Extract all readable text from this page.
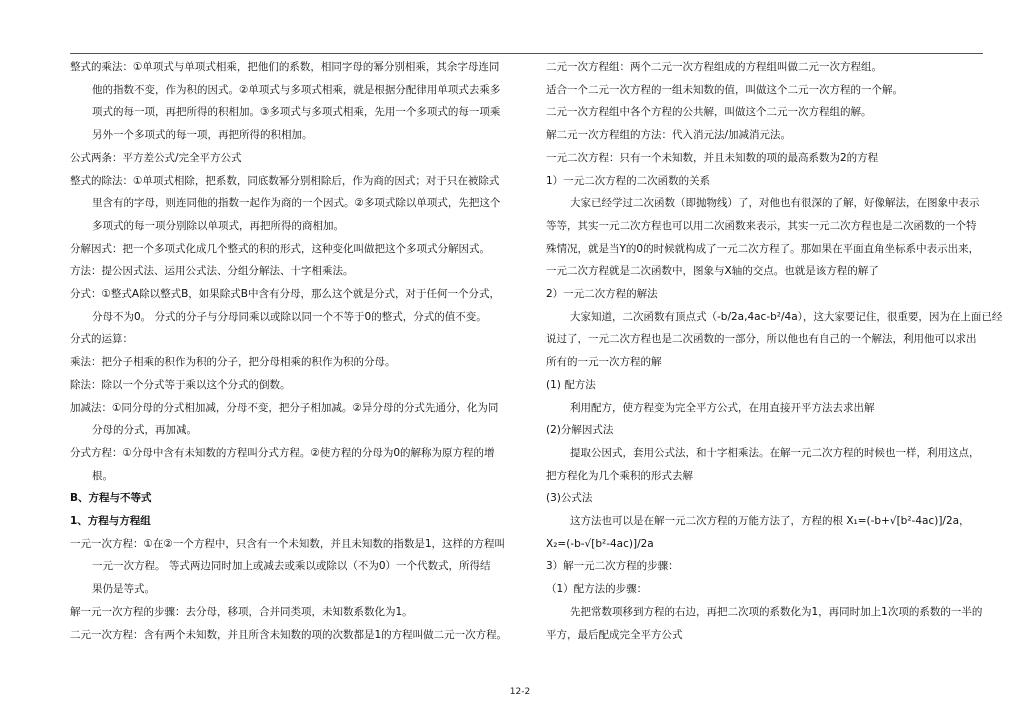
整式的乘法：①单项式与单项式相乘，把他们的系数，相同字母的幂分别相乘，其余字母连同
他的指数不变，作为积的因式。②单项式与多项式相乘，就是根据分配律用单项式去乘多
项式的每一项，再把所得的积相加。③多项式与多项式相乘，先用一个多项式的每一项乘
另外一个多项式的每一项，再把所得的积相加。
公式两条：平方差公式/完全平方公式
整式的除法：①单项式相除，把系数，同底数幂分别相除后，作为商的因式；对于只在被除式
里含有的字母，则连同他的指数一起作为商的一个因式。②多项式除以单项式，先把这个
多项式的每一项分别除以单项式，再把所得的商相加。
分解因式：把一个多项式化成几个整式的积的形式，这种变化叫做把这个多项式分解因式。
方法：提公因式法、运用公式法、分组分解法、十字相乘法。
分式：①整式A除以整式B，如果除式B中含有分母，那么这个就是分式，对于任何一个分式，
分母不为0。 分式的分子与分母同乘以或除以同一个不等于0的整式，分式的值不变。
分式的运算：
乘法：把分子相乘的积作为积的分子，把分母相乘的积作为积的分母。
除法：除以一个分式等于乘以这个分式的倒数。
加减法：①同分母的分式相加减，分母不变，把分子相加减。②异分母的分式先通分，化为同
分母的分式，再加减。
分式方程：①分母中含有未知数的方程叫分式方程。②使方程的分母为0的解称为原方程的增
根。
B、方程与不等式
1、方程与方程组
一元一次方程：①在②一个方程中，只含有一个未知数，并且未知数的指数是1，这样的方程叫
一元一次方程。 等式两边同时加上或减去或乘以或除以（不为0）一个代数式，所得结
果仍是等式。
解一元一次方程的步骤：去分母，移项，合并同类项，未知数系数化为1。
二元一次方程：含有两个未知数，并且所含未知数的项的次数都是1的方程叫做二元一次方程。
二元一次方程组：两个二元一次方程组成的方程组叫做二元一次方程组。
适合一个二元一次方程的一组未知数的值，叫做这个二元一次方程的一个解。
二元一次方程组中各个方程的公共解，叫做这个二元一次方程组的解。
解二元一次方程组的方法：代入消元法/加减消元法。
一元二次方程：只有一个未知数，并且未知数的项的最高系数为2的方程
1）一元二次方程的二次函数的关系
大家已经学过二次函数（即抛物线）了，对他也有很深的了解，好像解法，在图象中表示
等等，其实一元二次方程也可以用二次函数来表示，其实一元二次方程也是二次函数的一个特
殊情况，就是当Y的0的时候就构成了一元二次方程了。那如果在平面直角坐标系中表示出来，
一元二次方程就是二次函数中，图象与X轴的交点。也就是该方程的解了
2）一元二次方程的解法
大家知道，二次函数有顶点式（-b/2a,4ac-b²/4a），这大家要记住，很重要，因为在上面已经
说过了，一元二次方程也是二次函数的一部分，所以他也有自己的一个解法，利用他可以求出
所有的一元一次方程的解
(1) 配方法
利用配方，使方程变为完全平方公式，在用直接开平方法去求出解
(2)分解因式法
提取公因式，套用公式法，和十字相乘法。在解一元二次方程的时候也一样，利用这点，
把方程化为几个乘积的形式去解
(3)公式法
这方法也可以是在解一元二次方程的万能方法了，方程的根 X₁=(-b+√[b²-4ac)]/2a，
X₂=(-b-√[b²-4ac)]/2a
3）解一元二次方程的步骤：
（1）配方法的步骤：
先把常数项移到方程的右边，再把二次项的系数化为1，再同时加上1次项的系数的一半的
平方，最后配成完全平方公式
12-2
